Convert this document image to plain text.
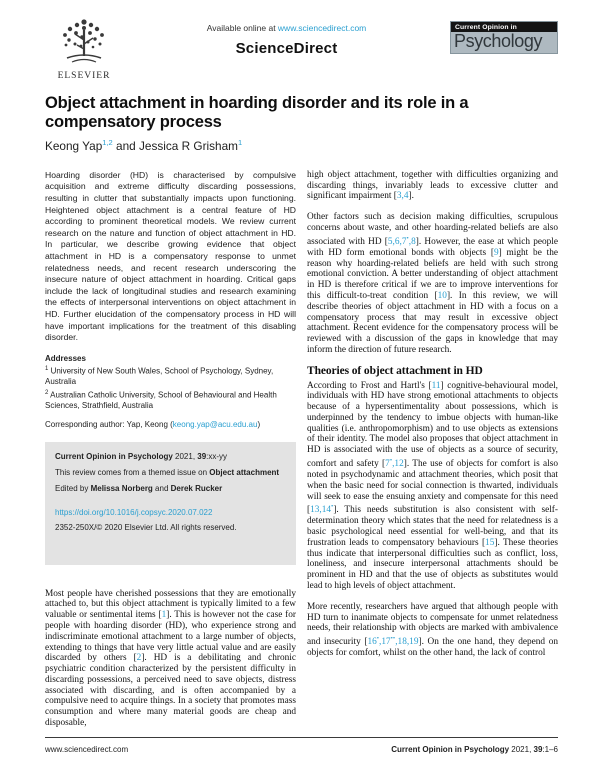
ELSEVIER
Available online at www.sciencedirect.com
ScienceDirect
Current Opinion in
Psychology
Object attachment in hoarding disorder and its role in a compensatory process
Keong Yap$^{1,2}$ and Jessica R Grisham$^1$
Hoarding disorder (HD) is characterised by compulsive acquisition and extreme difficulty discarding possessions, resulting in clutter that substantially impacts upon functioning. Heightened object attachment is a central feature of HD according to prominent theoretical models. We review current research on the nature and function of object attachment in HD. In particular, we describe growing evidence that object attachment in HD is a compensatory response to unmet relatedness needs, and recent research underscoring the insecure nature of object attachment in hoarding. Critical gaps include the lack of longitudinal studies and research examining the effects of interpersonal interventions on object attachment in HD. Further elucidation of the compensatory process in HD will have important implications for the treatment of this disabling disorder.
Addresses
$^1$ University of New South Wales, School of Psychology, Sydney, Australia
$^2$ Australian Catholic University, School of Behavioural and Health Sciences, Strathfield, Australia
Corresponding author: Yap, Keong (keong.yap@acu.edu.au)
Current Opinion in Psychology 2021, 39:xx-yy
This review comes from a themed issue on Object attachment
Edited by Melissa Norberg and Derek Rucker
https://doi.org/10.1016/j.copsyc.2020.07.022
2352-250X/© 2020 Elsevier Ltd. All rights reserved.
Most people have cherished possessions that they are emotionally attached to, but this object attachment is typically limited to a few valuable or sentimental items [1]. This is however not the case for people with hoarding disorder (HD), who experience strong and indiscriminate emotional attachment to a large number of objects, extending to things that have very little actual value and are easily discarded by others [2]. HD is a debilitating and chronic psychiatric condition characterized by the persistent difficulty in discarding possessions, a perceived need to save objects, distress associated with discarding, and is often accompanied by a compulsive need to acquire things. In a society that promotes mass consumption and where many material goods are cheap and disposable,

high object attachment, together with difficulties organizing and discarding things, invariably leads to excessive clutter and significant impairment [3,4].

Other factors such as decision making difficulties, scrupulous concerns about waste, and other hoarding-related beliefs are also associated with HD [5,6,7•,8]. However, the ease at which people with HD form emotional bonds with objects [9] might be the reason why hoarding-related beliefs are held with such strong emotional conviction. A better understanding of object attachment in HD is therefore critical if we are to improve interventions for this difficult-to-treat condition [10]. In this review, we will describe theories of object attachment in HD with a focus on a compensatory process that may result in excessive object attachment. Recent evidence for the compensatory process will be reviewed with a discussion of the gaps in knowledge that may inform the direction of future research.

Theories of object attachment in HD

According to Frost and Hartl's [11] cognitive-behavioural model, individuals with HD have strong emotional attachments to objects because of a hypersentimentality about possessions, which is underpinned by the tendency to imbue objects with human-like qualities (i.e. anthropomorphism) and to use objects as extensions of their identity. The model also proposes that object attachment in HD is associated with the use of objects as a source of security, comfort and safety [7•,12]. The use of objects for comfort is also noted in psychodynamic and attachment theories, which posit that when the basic need for social connection is thwarted, individuals will seek to ease the ensuing anxiety and compensate for this need [13,14•]. This needs substitution is also consistent with self-determination theory which states that the need for relatedness is a basic psychological need essential for well-being, and that its frustration leads to compensatory behaviours [15]. These theories thus indicate that interpersonal difficulties such as conflict, loss, loneliness, and insecure interpersonal attachments should be prominent in HD and that the use of objects as substitutes would lead to high levels of object attachment.

More recently, researchers have argued that although people with HD turn to inanimate objects to compensate for unmet relatedness needs, their relationship with objects are marked with ambivalence and insecurity [16•,17••,18,19]. On the one hand, they depend on objects for comfort, whilst on the other hand, the lack of control

www.sciencedirect.com	Current Opinion in Psychology 2021, 39:1–6
